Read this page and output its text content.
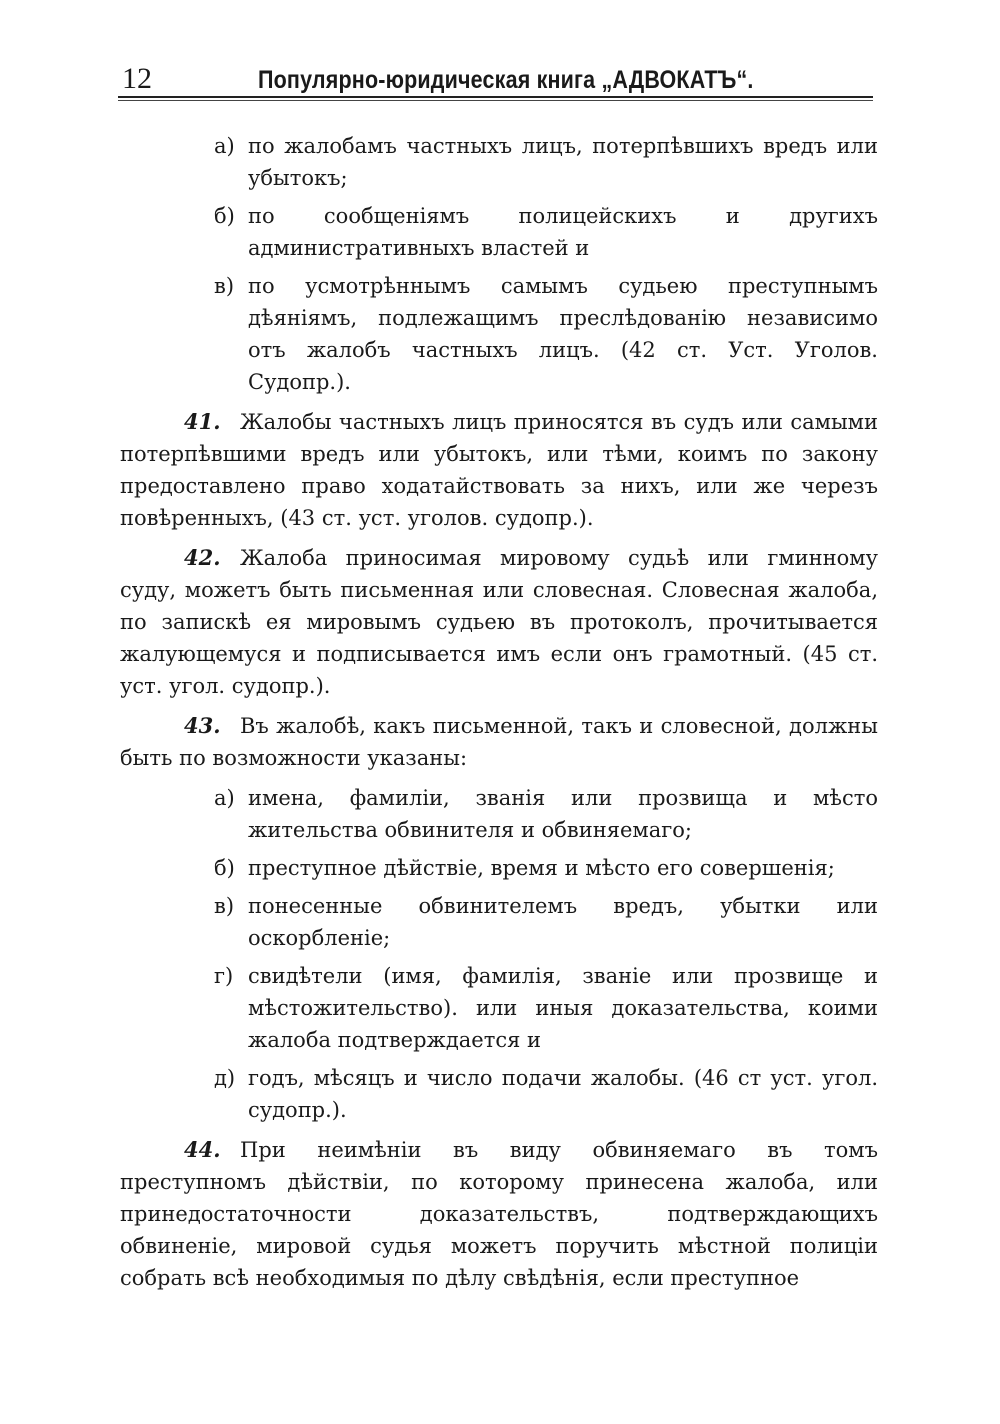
12	Популярно-юридическая книга „АДВОКАТЪ“.
а) по жалобамъ частныхъ лицъ, потерпѣвшихъ вредъ или убытокъ;
б) по сообщеніямъ полицейскихъ и другихъ административныхъ властей и
в) по усмотрѣннымъ самымъ судьею преступнымъ дѣяніямъ, подлежащимъ преслѣдованію независимо отъ жалобъ частныхъ лицъ. (42 ст. Уст. Уголов. Судопр.).

41. Жалобы частныхъ лицъ приносятся въ судъ или самыми потерпѣвшими вредъ или убытокъ, или тѣми, коимъ по закону предоставлено право ходатайствовать за нихъ, или же черезъ повѣренныхъ, (43 ст. уст. уголов. судопр.).

42. Жалоба приносимая мировому судьѣ или гминному суду, можетъ быть письменная или словесная. Словесная жалоба, по запискѣ ея мировымъ судьею въ протоколъ, прочитывается жалующемуся и подписывается имъ если онъ грамотный. (45 ст. уст. угол. судопр.).

43. Въ жалобѣ, какъ письменной, такъ и словесной, должны быть по возможности указаны:

а) имена, фамиліи, званія или прозвища и мѣсто жительства обвинителя и обвиняемаго;
б) преступное дѣйствіе, время и мѣсто его совершенія;
в) понесенные обвинителемъ вредъ, убытки или оскорбленіе;
г) свидѣтели (имя, фамилія, званіе или прозвище и мѣстожительство). или иныя доказательства, коими жалоба подтверждается и
д) годъ, мѣсяцъ и число подачи жалобы. (46 ст уст. угол. судопр.).

44. При неимѣніи въ виду обвиняемаго въ томъ преступномъ дѣйствіи, по которому принесена жалоба, или принедостаточности доказательствъ, подтверждающихъ обвиненіе, мировой судья можетъ поручить мѣстной полиціи собрать всѣ необходимыя по дѣлу свѣдѣнія, если преступное
